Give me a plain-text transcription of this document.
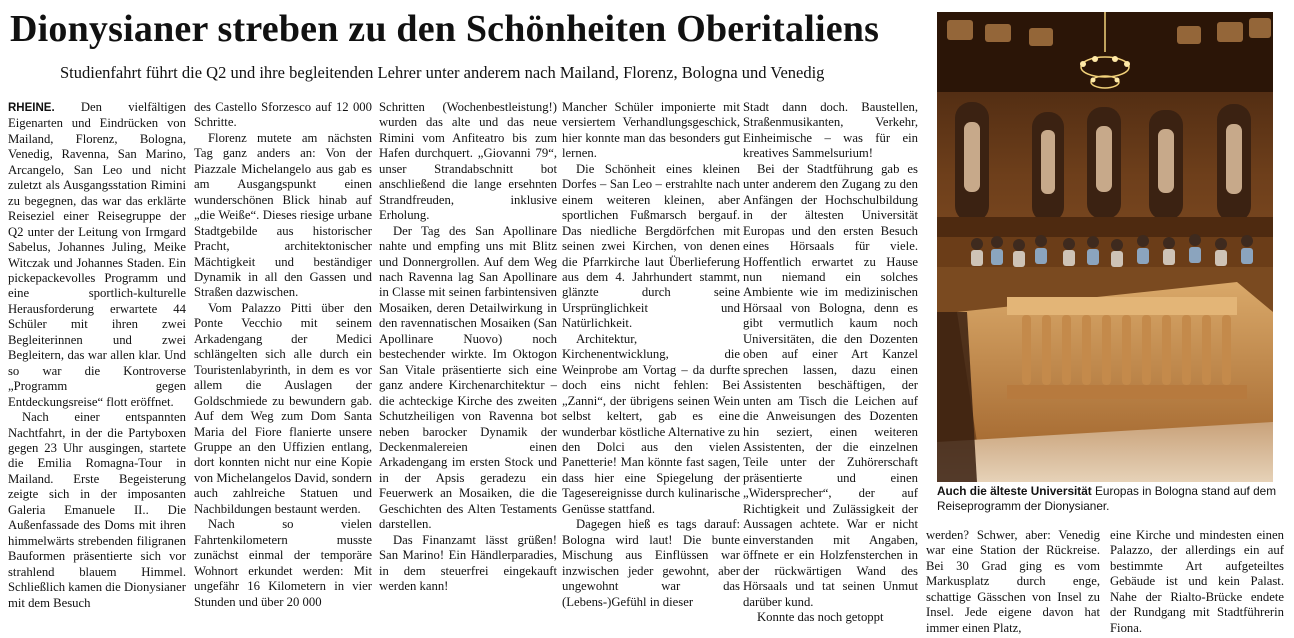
Dionysianer streben zu den Schönheiten Oberitaliens
Studienfahrt führt die Q2 und ihre begleitenden Lehrer unter anderem nach Mailand, Florenz, Bologna und Venedig

RHEINE. Den vielfältigen Eigenarten und Eindrücken von Mailand, Florenz, Bologna, Venedig, Ravenna, San Marino, Arcangelo, San Leo und nicht zuletzt als Ausgangsstation Rimini zu begegnen, das war das erklärte Reiseziel einer Reisegruppe der Q2 unter der Leitung von Irmgard Sabelus, Johannes Juling, Meike Witczak und Johannes Staden. Ein pickepackevolles Programm und eine sportlich-kulturelle Herausforderung erwartete 44 Schüler mit ihren zwei Begleiterinnen und zwei Begleitern, das war allen klar. Und so war die Kontroverse „Programm gegen Entdeckungsreise“ flott eröffnet.

Nach einer entspannten Nachtfahrt, in der die Partyboxen gegen 23 Uhr ausgingen, startete die Emilia Romagna-Tour in Mailand. Erste Begeisterung zeigte sich in der imposanten Galeria Emanuele II.. Die Außenfassade des Doms mit ihren himmelwärts strebenden filigranen Bauformen präsentierte sich vor strahlend blauem Himmel. Schließlich kamen die Dionysianer mit dem Besuch

des Castello Sforzesco auf 12 000 Schritte.

Florenz mutete am nächsten Tag ganz anders an: Von der Piazzale Michelangelo aus gab es am Ausgangspunkt einen wunderschönen Blick hinab auf „die Weiße“. Dieses riesige urbane Stadtgebilde aus historischer Pracht, architektonischer Mächtigkeit und beständiger Dynamik in all den Gassen und Straßen dazwischen.

Vom Palazzo Pitti über den Ponte Vecchio mit seinem Arkadengang der Medici schlängelten sich alle durch ein Touristenlabyrinth, in dem es vor allem die Auslagen der Goldschmiede zu bewundern gab. Auf dem Weg zum Dom Santa Maria del Fiore flanierte unsere Gruppe an den Uffizien entlang, dort konnten nicht nur eine Kopie von Michelangelos David, sondern auch zahlreiche Statuen und Nachbildungen bestaunt werden.

Nach so vielen Fahrtenkilometern musste zunächst einmal der temporäre Wohnort erkundet werden: Mit ungefähr 16 Kilometern in vier Stunden und über 20 000

Schritten (Wochenbestleistung!) wurden das alte und das neue Rimini vom Anfiteatro bis zum Hafen durchquert. „Giovanni 79“, unser Strandabschnitt bot anschließend die lange ersehnten Strandfreuden, inklusive Erholung.

Der Tag des San Apollinare nahte und empfing uns mit Blitz und Donnergrollen. Auf dem Weg nach Ravenna lag San Apollinare in Classe mit seinen farbintensiven Mosaiken, deren Detailwirkung in den ravennatischen Mosaiken (San Apollinare Nuovo) noch bestechender wirkte. Im Oktogon San Vitale präsentierte sich eine ganz andere Kirchenarchitektur – die achteckige Kirche des zweiten Schutzheiligen von Ravenna bot neben barocker Dynamik der Deckenmalereien einen Arkadengang im ersten Stock und in der Apsis geradezu ein Feuerwerk an Mosaiken, die die Geschichten des Alten Testaments darstellen.

Das Finanzamt lässt grüßen! San Marino! Ein Händlerparadies, in dem steuerfrei eingekauft werden kann!

Mancher Schüler imponierte mit versiertem Verhandlungsgeschick, hier konnte man das besonders gut lernen.

Die Schönheit eines kleinen Dorfes – San Leo – erstrahlte nach einem weiteren kleinen, aber sportlichen Fußmarsch bergauf. Das niedliche Bergdörfchen mit seinen zwei Kirchen, von denen die Pfarrkirche laut Überlieferung aus dem 4. Jahrhundert stammt, glänzte durch seine Ursprünglichkeit und Natürlichkeit.

Architektur, Kirchenentwicklung, die Weinprobe am Vortag – da durfte doch eins nicht fehlen: Bei „Zanni“, der übrigens seinen Wein selbst keltert, gab es eine wunderbar köstliche Alternative zu den Dolci aus den vielen Panetterie! Man könnte fast sagen, dass hier eine Spiegelung der Tagesereignisse durch kulinarische Genüsse stattfand.

Dagegen hieß es tags darauf: Bologna wird laut! Die bunte Mischung aus Einflüssen war inzwischen jeder gewohnt, aber ungewohnt war das (Lebens-)Gefühl in dieser

Stadt dann doch. Baustellen, Straßenmusikanten, Verkehr, Einheimische – was für ein kreatives Sammelsurium!

Bei der Stadtführung gab es unter anderem den Zugang zu den Anfängen der Hochschulbildung in der ältesten Universität Europas und den ersten Besuch eines Hörsaals für viele. Hoffentlich erwartet zu Hause nun niemand ein solches Ambiente wie im medizinischen Hörsaal von Bologna, denn es gibt vermutlich kaum noch Universitäten, die den Dozenten oben auf einer Art Kanzel sprechen lassen, dazu einen Assistenten beschäftigen, der unten am Tisch die Leichen auf die Anweisungen des Dozenten hin seziert, einen weiteren Assistenten, der die einzelnen Teile unter der Zuhörerschaft präsentierte und einen „Widersprecher“, der auf Richtigkeit und Zulässigkeit der Aussagen achtete. War er nicht einverstanden mit Angaben, öffnete er ein Holzfensterchen in der rückwärtigen Wand des Hörsaals und tat seinen Unmut darüber kund.

Konnte das noch getoppt

Auch die älteste Universität Europas in Bologna stand auf dem Reiseprogramm der Dionysianer.

werden? Schwer, aber: Venedig war eine Station der Rückreise. Bei 30 Grad ging es vom Markusplatz durch enge, schattige Gässchen von Insel zu Insel. Jede eigene davon hat immer einen Platz,

eine Kirche und mindesten einen Palazzo, der allerdings ein auf bestimmte Art aufgeteiltes Gebäude ist und kein Palast. Nahe der Rialto-Brücke endete der Rundgang mit Stadtführerin Fiona.
